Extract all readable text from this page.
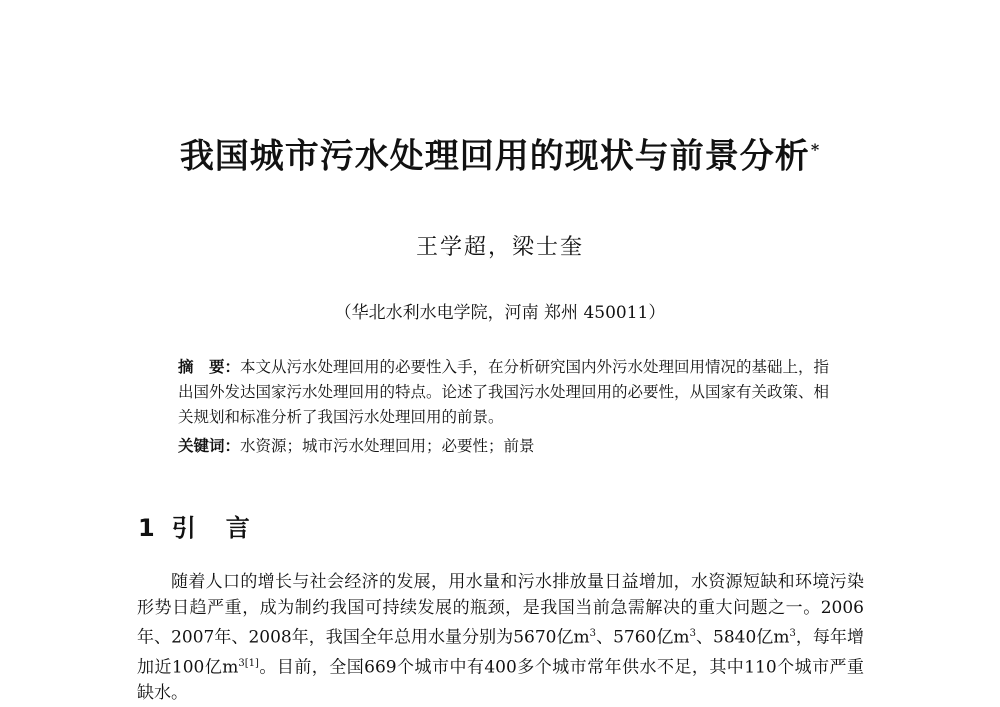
我国城市污水处理回用的现状与前景分析*
王学超，梁士奎
（华北水利水电学院，河南 郑州 450011）
摘　要：本文从污水处理回用的必要性入手，在分析研究国内外污水处理回用情况的基础上，指出国外发达国家污水处理回用的特点。论述了我国污水处理回用的必要性，从国家有关政策、相关规划和标准分析了我国污水处理回用的前景。
关键词：水资源；城市污水处理回用；必要性；前景
1 引　言

随着人口的增长与社会经济的发展，用水量和污水排放量日益增加，水资源短缺和环境污染形势日趋严重，成为制约我国可持续发展的瓶颈，是我国当前急需解决的重大问题之一。2006年、2007年、2008年，我国全年总用水量分别为5670亿$m^3$、5760亿$m^3$、5840亿$m^3$，每年增加近100亿$m^{3[1]}$。目前，全国669个城市中有400多个城市常年供水不足，其中110个城市严重缺水。
